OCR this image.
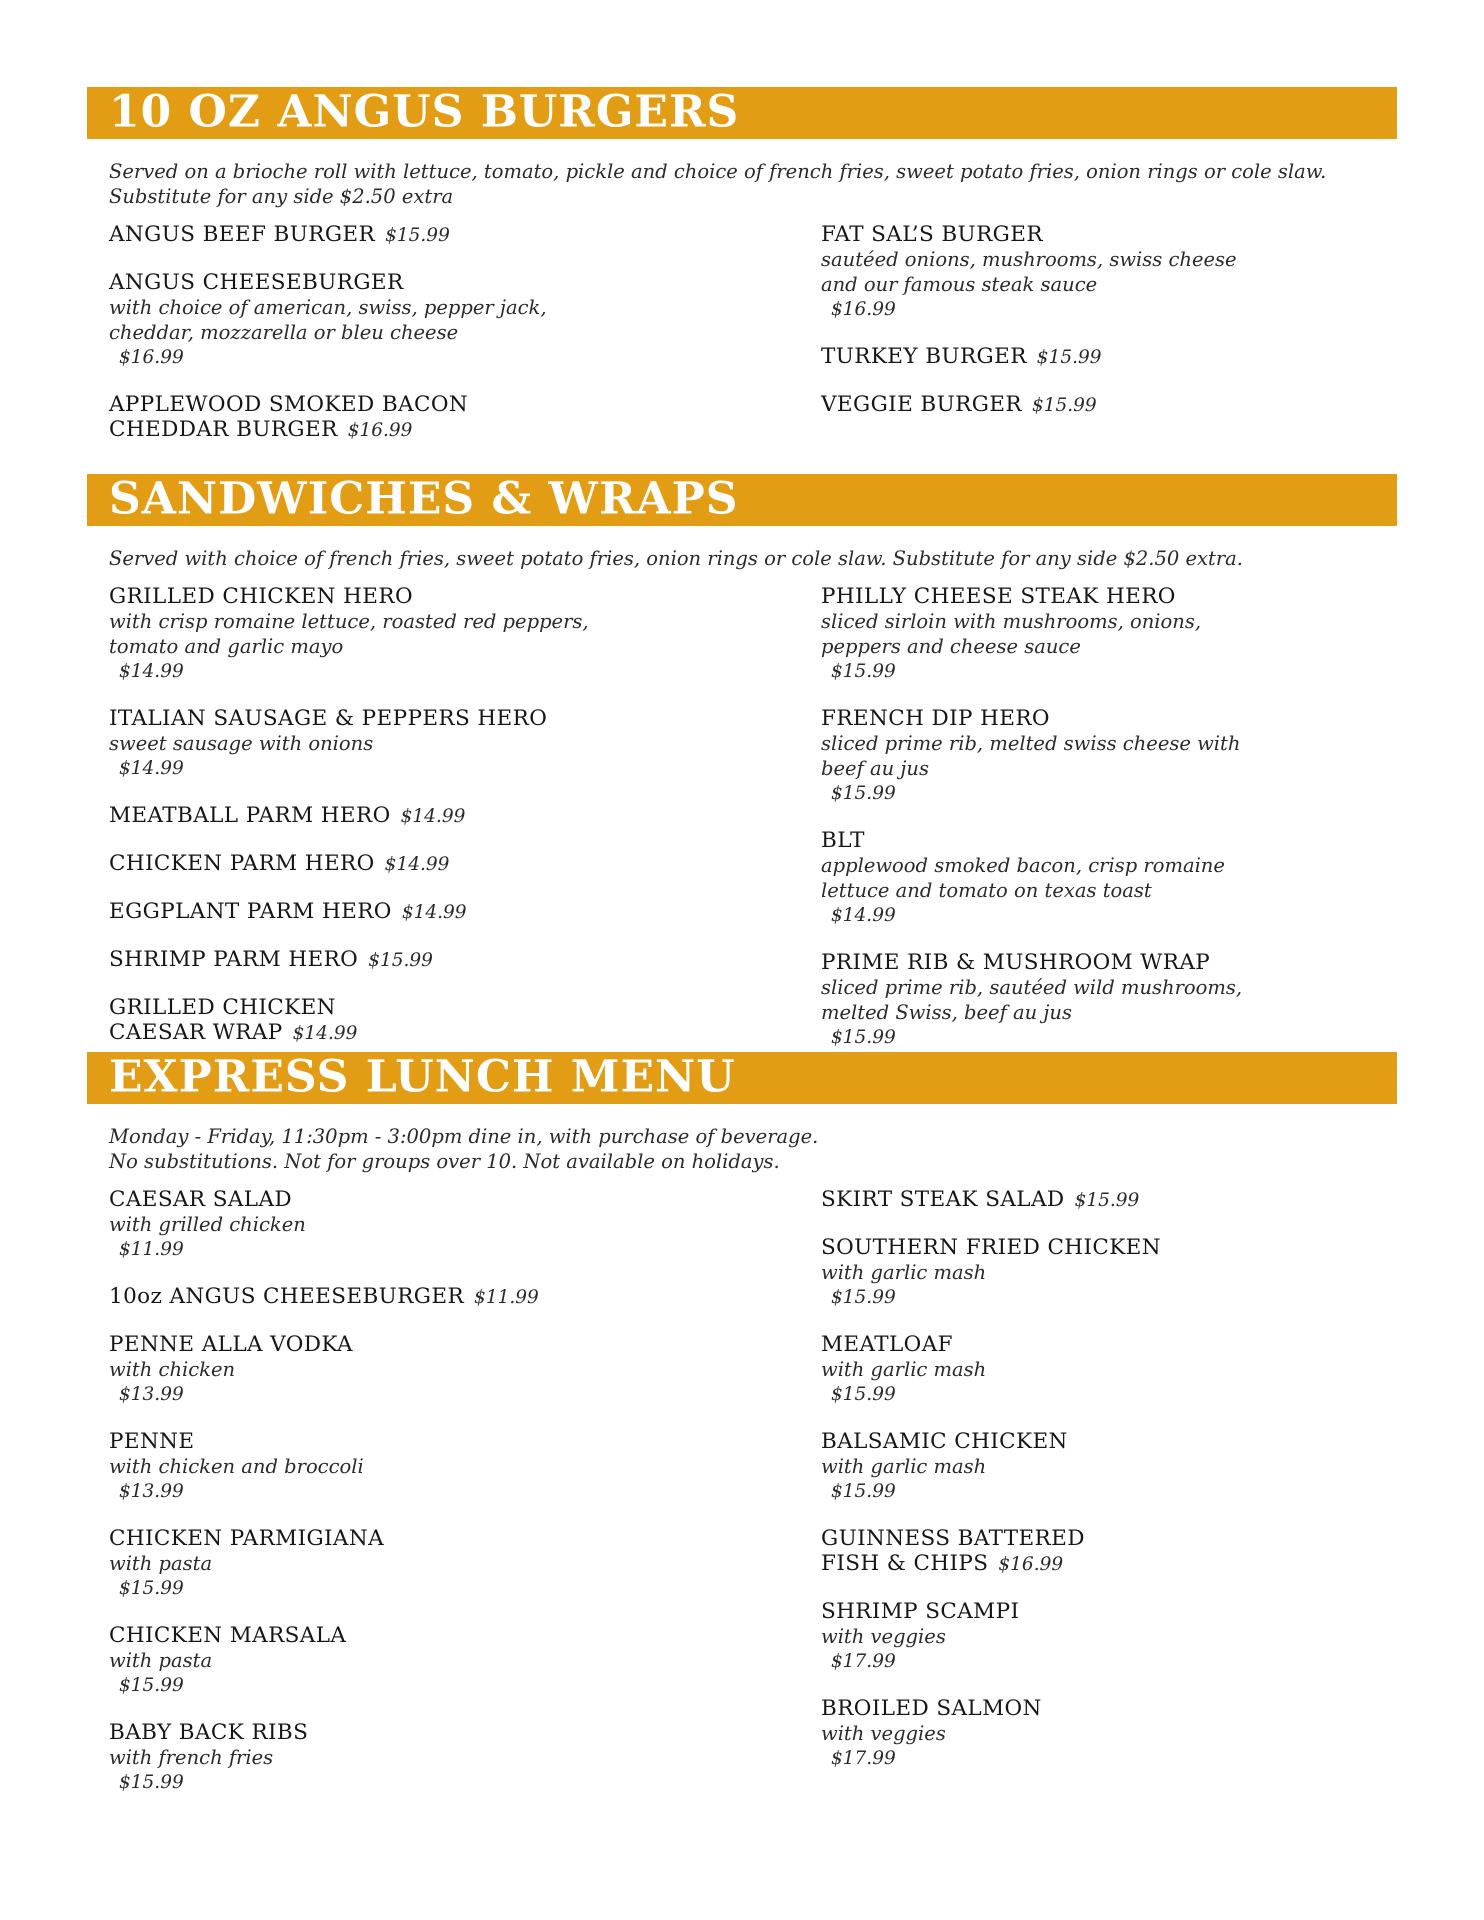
10 OZ ANGUS BURGERS
Served on a brioche roll with lettuce, tomato, pickle and choice of french fries, sweet potato fries, onion rings or cole slaw.
Substitute for any side $2.50 extra
ANGUS BEEF BURGER $15.99
ANGUS CHEESEBURGER
with choice of american, swiss, pepper jack,
cheddar, mozzarella or bleu cheese
$16.99
APPLEWOOD SMOKED BACON
CHEDDAR BURGER $16.99
FAT SAL’S BURGER
sautéed onions, mushrooms, swiss cheese
and our famous steak sauce
$16.99
TURKEY BURGER $15.99
VEGGIE BURGER $15.99
SANDWICHES & WRAPS
Served with choice of french fries, sweet potato fries, onion rings or cole slaw. Substitute for any side $2.50 extra.
GRILLED CHICKEN HERO
with crisp romaine lettuce, roasted red peppers,
tomato and garlic mayo
$14.99
ITALIAN SAUSAGE & PEPPERS HERO
sweet sausage with onions
$14.99
MEATBALL PARM HERO $14.99
CHICKEN PARM HERO $14.99
EGGPLANT PARM HERO $14.99
SHRIMP PARM HERO $15.99
GRILLED CHICKEN
CAESAR WRAP $14.99
PHILLY CHEESE STEAK HERO
sliced sirloin with mushrooms, onions,
peppers and cheese sauce
$15.99
FRENCH DIP HERO
sliced prime rib, melted swiss cheese with
beef au jus
$15.99
BLT
applewood smoked bacon, crisp romaine
lettuce and tomato on texas toast
$14.99
PRIME RIB & MUSHROOM WRAP
sliced prime rib, sautéed wild mushrooms,
melted Swiss, beef au jus
$15.99
EXPRESS LUNCH MENU
Monday - Friday, 11:30pm - 3:00pm dine in, with purchase of beverage.
No substitutions. Not for groups over 10. Not available on holidays.
CAESAR SALAD
with grilled chicken
$11.99
10oz ANGUS CHEESEBURGER $11.99
PENNE ALLA VODKA
with chicken
$13.99
PENNE
with chicken and broccoli
$13.99
CHICKEN PARMIGIANA
with pasta
$15.99
CHICKEN MARSALA
with pasta
$15.99
BABY BACK RIBS
with french fries
$15.99
SKIRT STEAK SALAD $15.99
SOUTHERN FRIED CHICKEN
with garlic mash
$15.99
MEATLOAF
with garlic mash
$15.99
BALSAMIC CHICKEN
with garlic mash
$15.99
GUINNESS BATTERED
FISH & CHIPS $16.99
SHRIMP SCAMPI
with veggies
$17.99
BROILED SALMON
with veggies
$17.99
